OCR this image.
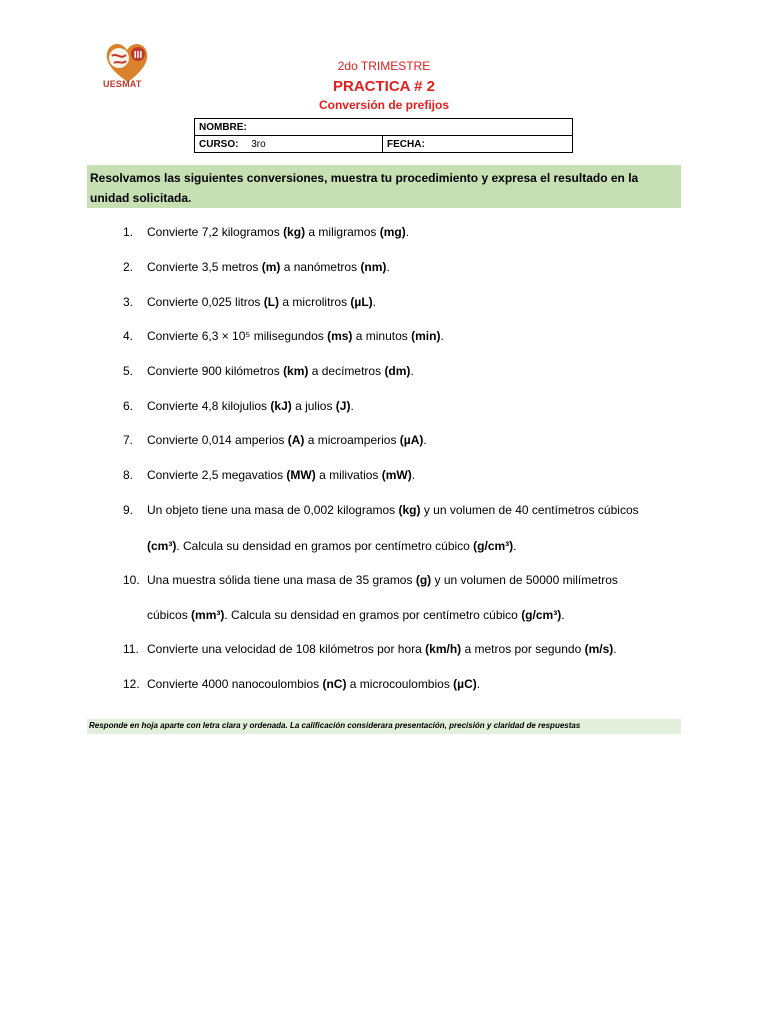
UESMAT
2do TRIMESTRE
PRACTICA # 2
Conversión de prefijos
NOMBRE:
CURSO: 3ro	FECHA:
Resolvamos las siguientes conversiones, muestra tu procedimiento y expresa el resultado en la unidad solicitada.
1. Convierte 7,2 kilogramos (kg) a miligramos (mg).
2. Convierte 3,5 metros (m) a nanómetros (nm).
3. Convierte 0,025 litros (L) a microlitros (µL).
4. Convierte 6,3 × 10⁵ milisegundos (ms) a minutos (min).
5. Convierte 900 kilómetros (km) a decímetros (dm).
6. Convierte 4,8 kilojulios (kJ) a julios (J).
7. Convierte 0,014 amperios (A) a microamperios (µA).
8. Convierte 2,5 megavatios (MW) a milivatios (mW).
9. Un objeto tiene una masa de 0,002 kilogramos (kg) y un volumen de 40 centímetros cúbicos
(cm³). Calcula su densidad en gramos por centímetro cúbico (g/cm³).
10. Una muestra sólida tiene una masa de 35 gramos (g) y un volumen de 50000 milímetros
cúbicos (mm³). Calcula su densidad en gramos por centímetro cúbico (g/cm³).
11. Convierte una velocidad de 108 kilómetros por hora (km/h) a metros por segundo (m/s).
12. Convierte 4000 nanocoulombios (nC) a microcoulombios (µC).
Responde en hoja aparte con letra clara y ordenada. La calificación considerara presentación, precisión y claridad de respuestas
